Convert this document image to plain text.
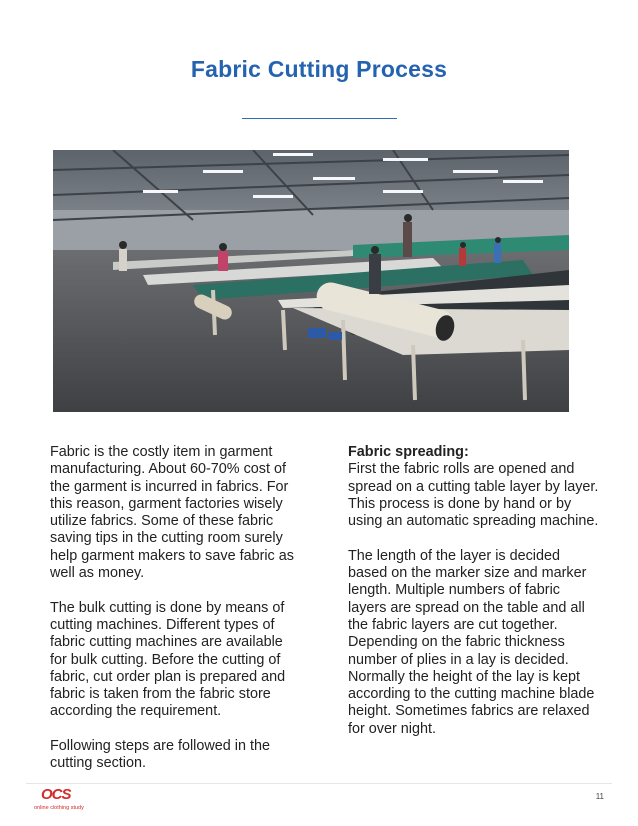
Fabric Cutting Process

Fabric is the costly item in garment manufacturing. About 60-70% cost of the garment is incurred in fabrics. For this reason, garment factories wisely utilize fabrics. Some of these fabric saving tips in the cutting room surely help garment makers to save fabric as well as money.

The bulk cutting is done by means of cutting machines. Different types of fabric cutting machines are available for bulk cutting. Before the cutting of fabric, cut order plan is prepared and fabric is taken from the fabric store according the requirement.

Following steps are followed in the cutting section.

Fabric spreading:
First the fabric rolls are opened and spread on a cutting table layer by layer. This process is done by hand or by using an automatic spreading machine.

The length of the layer is decided based on the marker size and marker length. Multiple numbers of fabric layers are spread on the table and all the fabric layers are cut together. Depending on the fabric thickness number of plies in a lay is decided. Normally the height of the lay is kept according to the cutting machine blade height. Sometimes fabrics are relaxed for over night.

OCS
online clothing study
11
